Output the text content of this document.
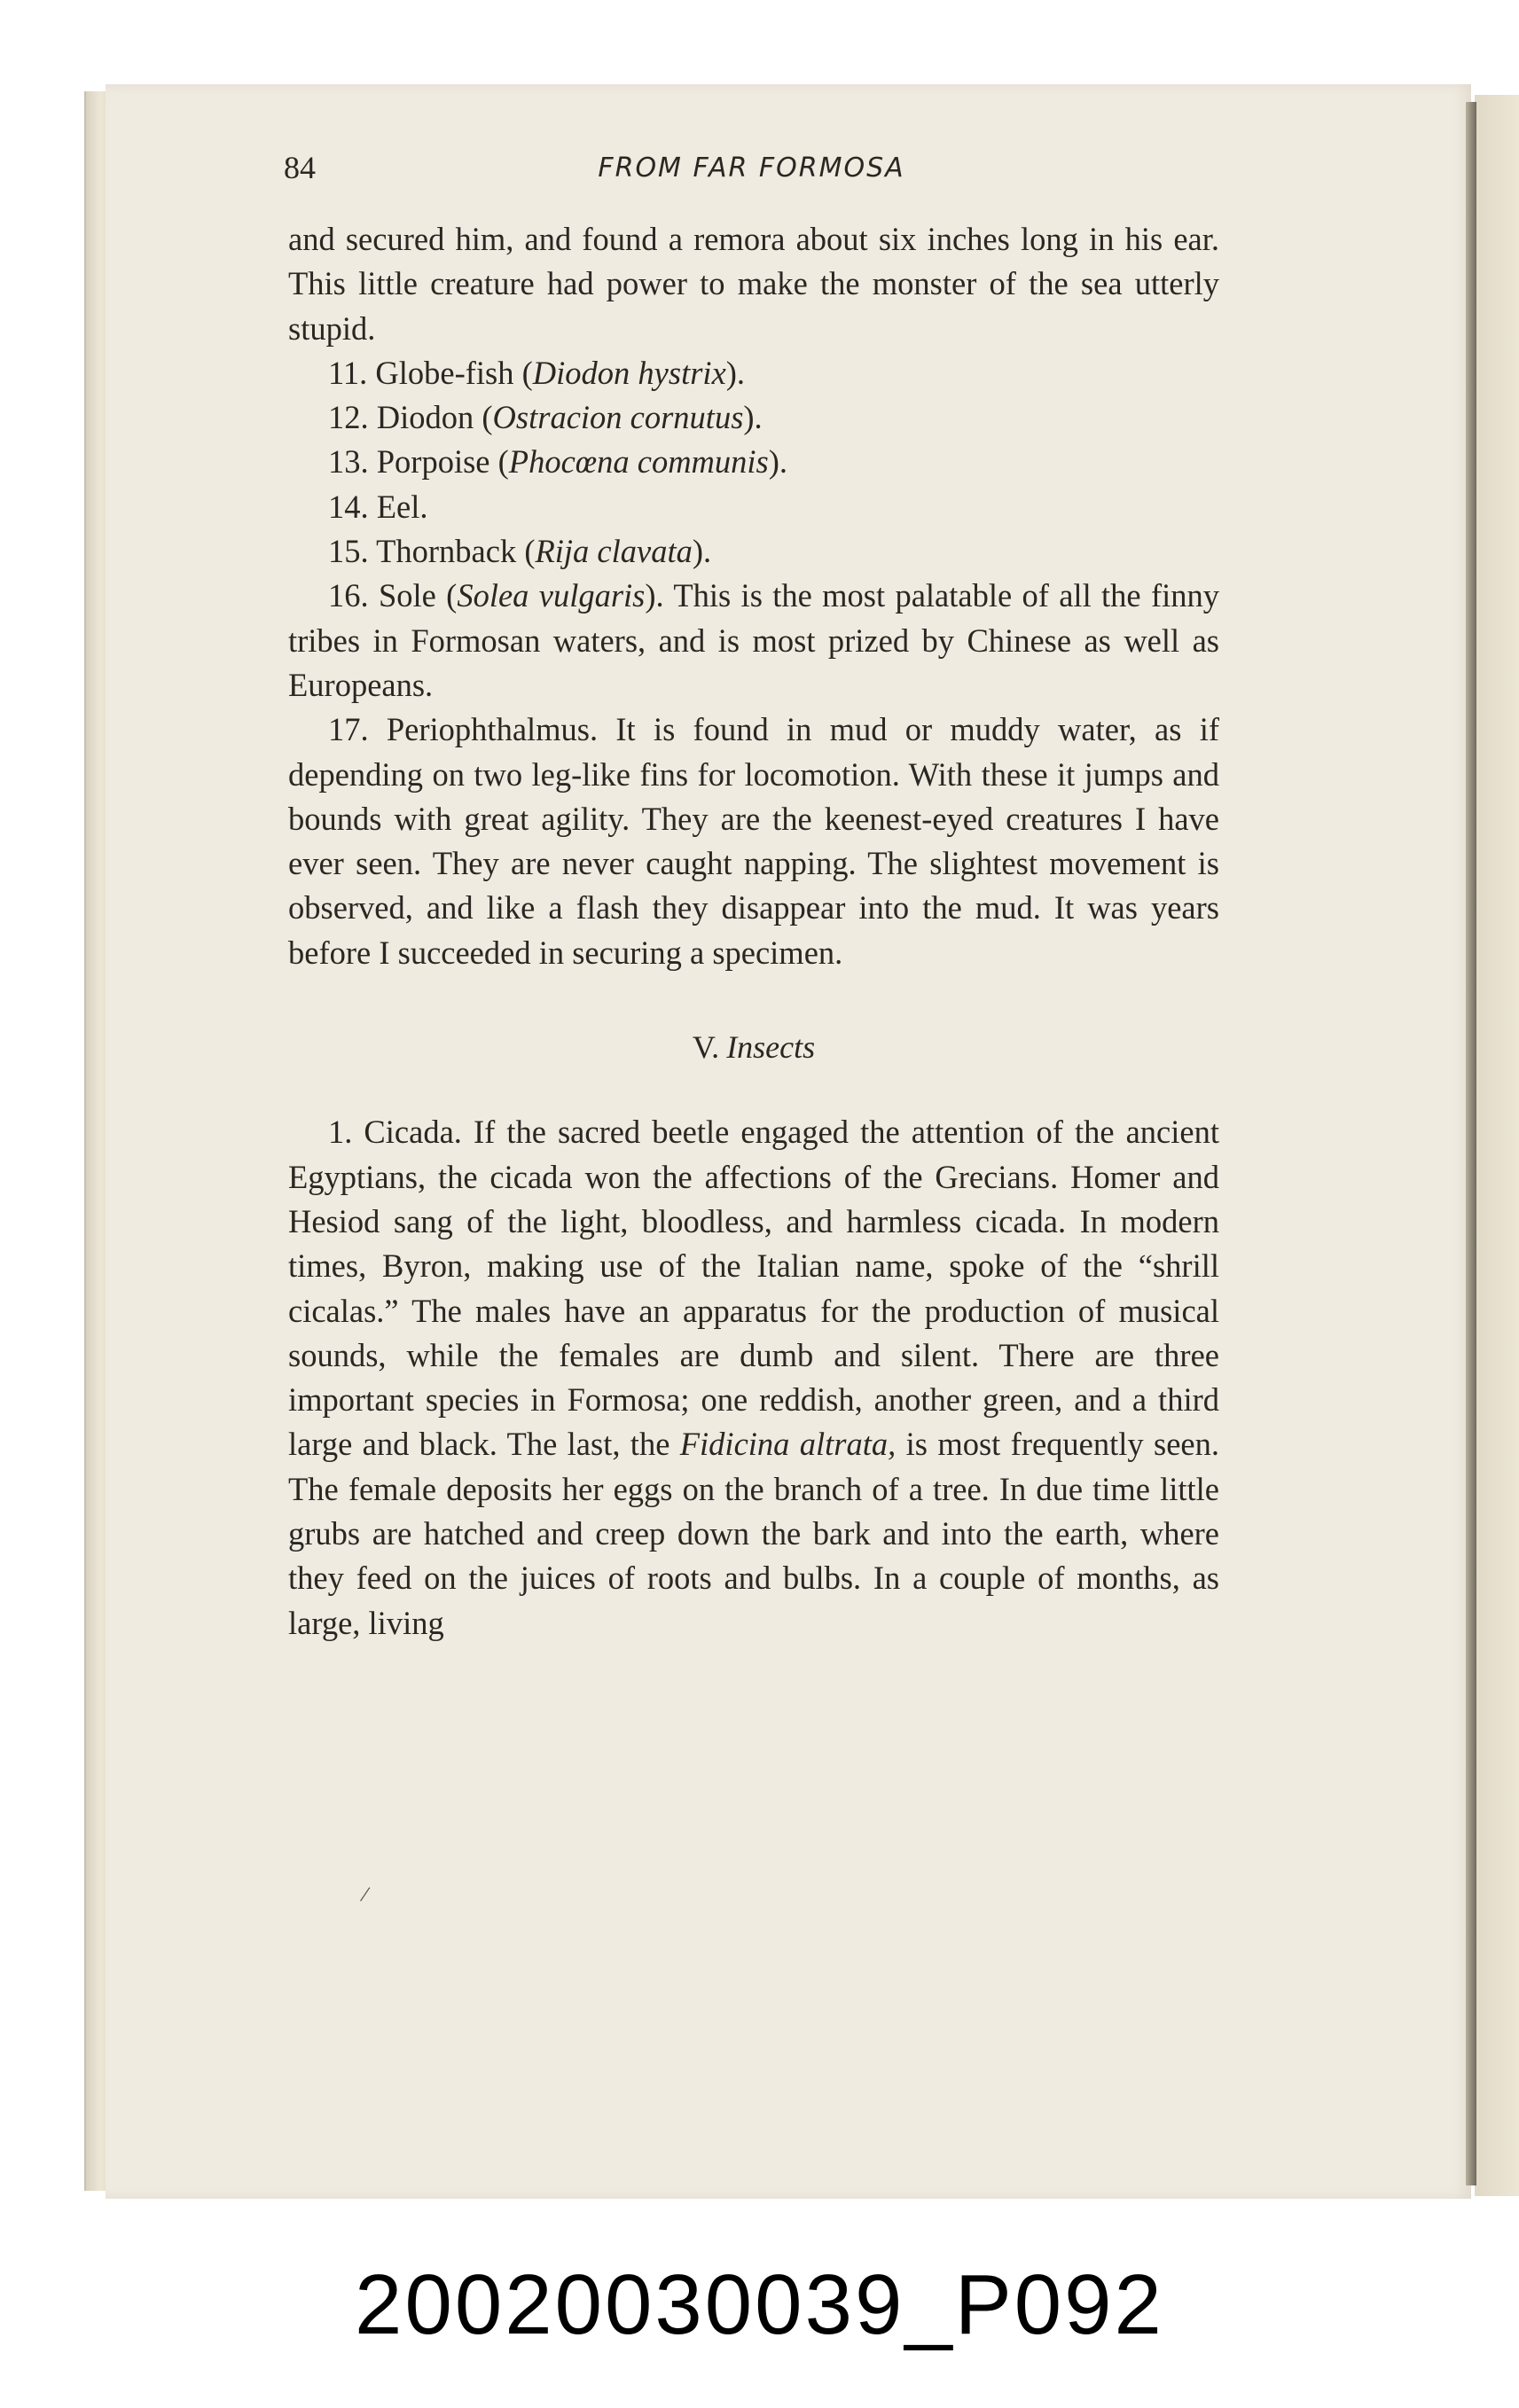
84	FROM FAR FORMOSA

and secured him, and found a remora about six inches long in his ear. This little creature had power to make the monster of the sea utterly stupid.

11. Globe-fish (Diodon hystrix).

12. Diodon (Ostracion cornutus).

13. Porpoise (Phocœna communis).

14. Eel.

15. Thornback (Rija clavata).

16. Sole (Solea vulgaris). This is the most palatable of all the finny tribes in Formosan waters, and is most prized by Chinese as well as Europeans.

17. Periophthalmus. It is found in mud or muddy water, as if depending on two leg-like fins for locomotion. With these it jumps and bounds with great agility. They are the keenest-eyed creatures I have ever seen. They are never caught napping. The slightest movement is observed, and like a flash they disappear into the mud. It was years before I succeeded in securing a specimen.

V. Insects

1. Cicada. If the sacred beetle engaged the attention of the ancient Egyptians, the cicada won the affections of the Grecians. Homer and Hesiod sang of the light, bloodless, and harmless cicada. In modern times, Byron, making use of the Italian name, spoke of the “shrill cicalas.” The males have an apparatus for the production of musical sounds, while the females are dumb and silent. There are three important species in Formosa; one reddish, another green, and a third large and black. The last, the Fidicina altrata, is most frequently seen. The female deposits her eggs on the branch of a tree. In due time little grubs are hatched and creep down the bark and into the earth, where they feed on the juices of roots and bulbs. In a couple of months, as large, living

/
20020030039_P092
